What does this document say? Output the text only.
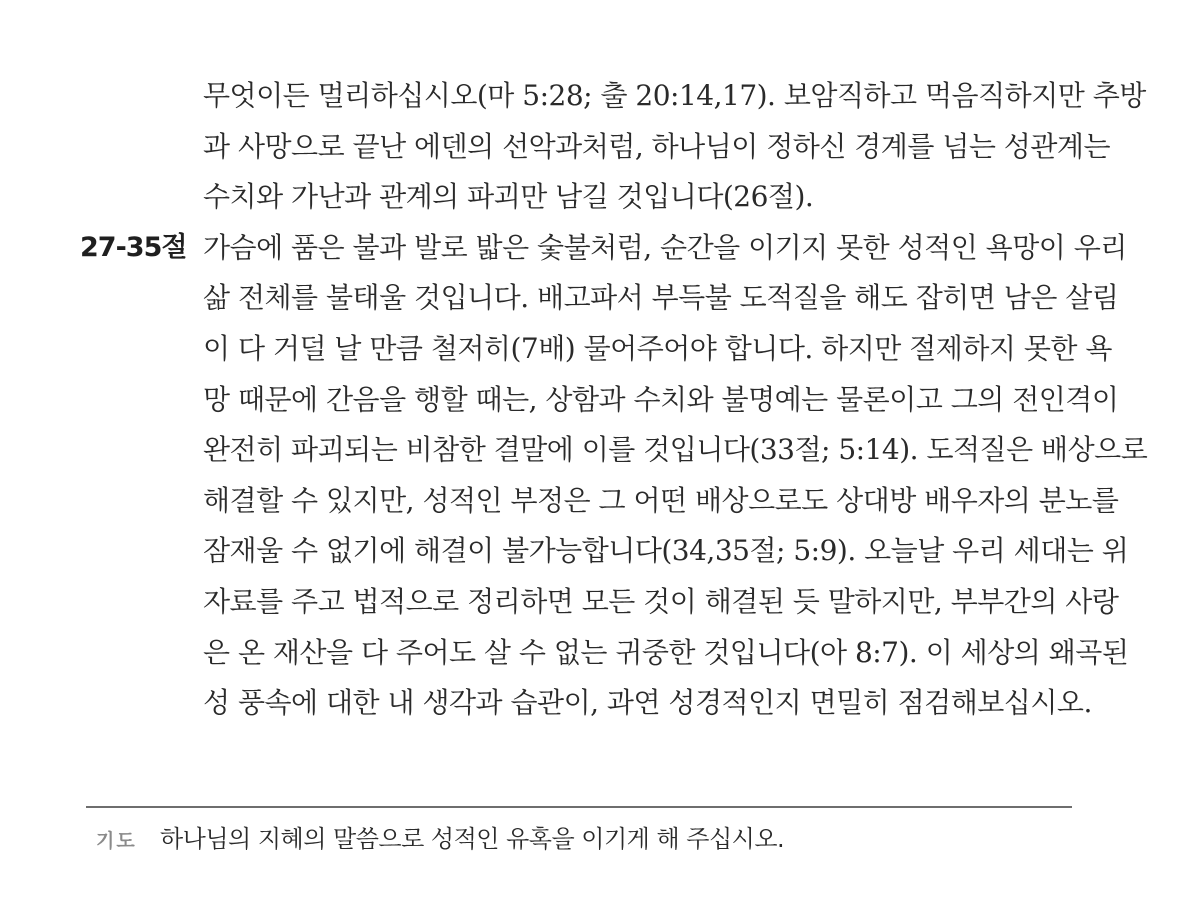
무엇이든 멀리하십시오(마 5:28; 출 20:14,17). 보암직하고 먹음직하지만 추방
과 사망으로 끝난 에덴의 선악과처럼, 하나님이 정하신 경계를 넘는 성관계는
수치와 가난과 관계의 파괴만 남길 것입니다(26절).
27-35절 가슴에 품은 불과 발로 밟은 숯불처럼, 순간을 이기지 못한 성적인 욕망이 우리
삶 전체를 불태울 것입니다. 배고파서 부득불 도적질을 해도 잡히면 남은 살림
이 다 거덜 날 만큼 철저히(7배) 물어주어야 합니다. 하지만 절제하지 못한 욕
망 때문에 간음을 행할 때는, 상함과 수치와 불명예는 물론이고 그의 전인격이
완전히 파괴되는 비참한 결말에 이를 것입니다(33절; 5:14). 도적질은 배상으로
해결할 수 있지만, 성적인 부정은 그 어떤 배상으로도 상대방 배우자의 분노를
잠재울 수 없기에 해결이 불가능합니다(34,35절; 5:9). 오늘날 우리 세대는 위
자료를 주고 법적으로 정리하면 모든 것이 해결된 듯 말하지만, 부부간의 사랑
은 온 재산을 다 주어도 살 수 없는 귀중한 것입니다(아 8:7). 이 세상의 왜곡된
성 풍속에 대한 내 생각과 습관이, 과연 성경적인지 면밀히 점검해보십시오.
기도 하나님의 지혜의 말씀으로 성적인 유혹을 이기게 해 주십시오.
